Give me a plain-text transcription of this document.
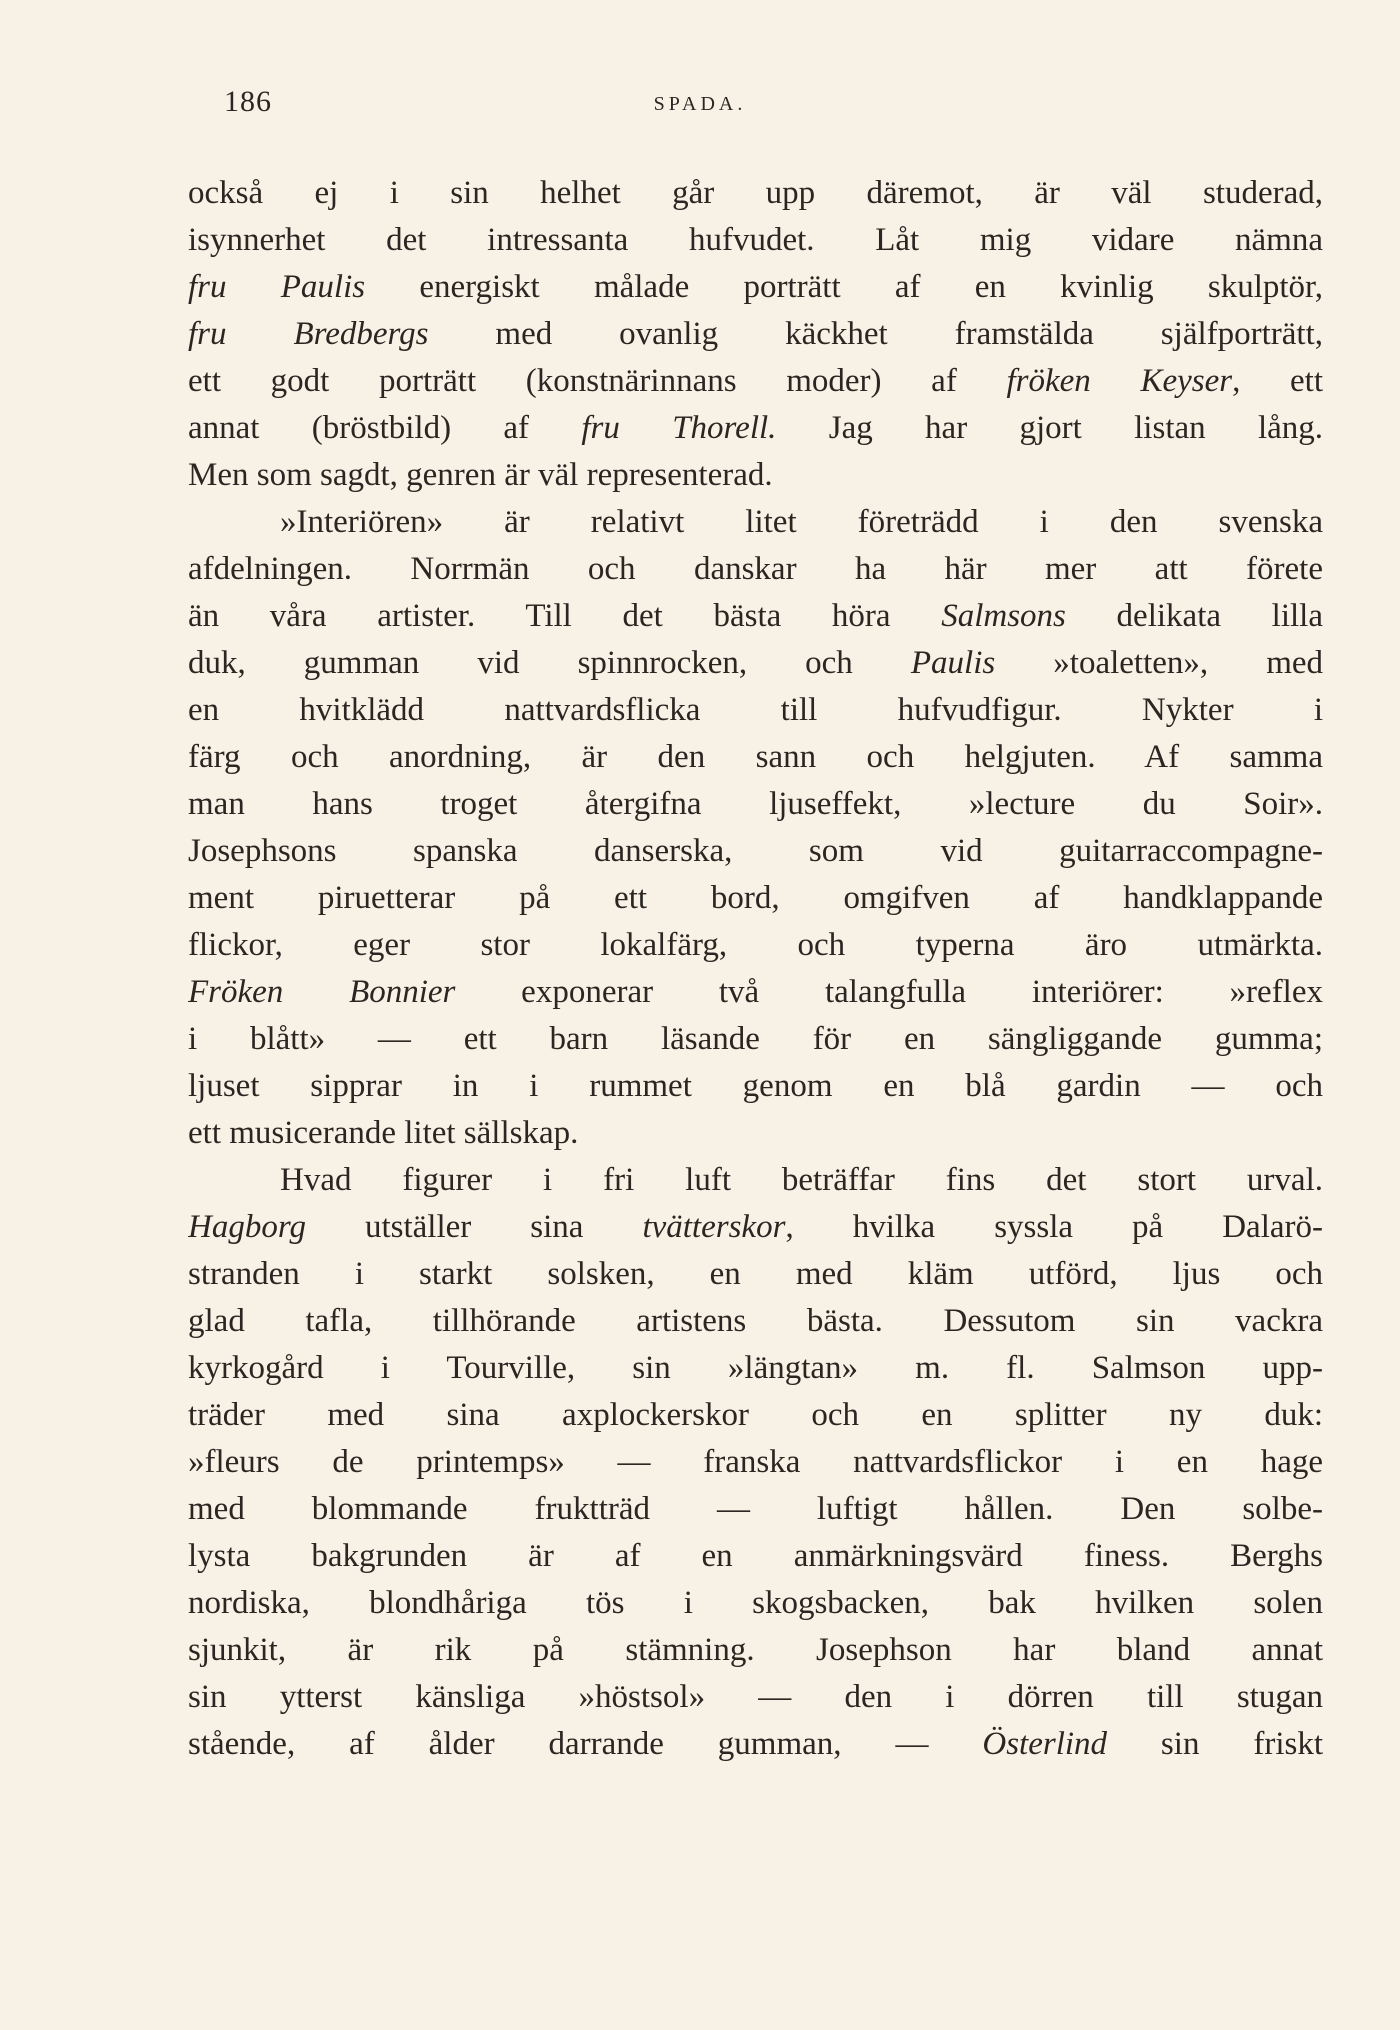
186	SPADA.
också ej i sin helhet går upp däremot, är väl studerad,
isynnerhet det intressanta hufvudet. Låt mig vidare nämna
fru Paulis energiskt målade porträtt af en kvinlig skulptör,
fru Bredbergs med ovanlig käckhet framstälda själfporträtt,
ett godt porträtt (konstnärinnans moder) af fröken Keyser, ett
annat (bröstbild) af fru Thorell. Jag har gjort listan lång.
Men som sagdt, genren är väl representerad.
»Interiören» är relativt litet företrädd i den svenska
afdelningen. Norrmän och danskar ha här mer att förete
än våra artister. Till det bästa höra Salmsons delikata lilla
duk, gumman vid spinnrocken, och Paulis »toaletten», med
en hvitklädd nattvardsflicka till hufvudfigur. Nykter i
färg och anordning, är den sann och helgjuten. Af samma
man hans troget återgifna ljuseffekt, »lecture du Soir».
Josephsons spanska danserska, som vid guitarraccompagne-
ment piruetterar på ett bord, omgifven af handklappande
flickor, eger stor lokalfärg, och typerna äro utmärkta.
Fröken Bonnier exponerar två talangfulla interiörer: »reflex
i blått» — ett barn läsande för en sängliggande gumma;
ljuset sipprar in i rummet genom en blå gardin — och
ett musicerande litet sällskap.
Hvad figurer i fri luft beträffar fins det stort urval.
Hagborg utställer sina tvätterskor, hvilka syssla på Dalarö-
stranden i starkt solsken, en med kläm utförd, ljus och
glad tafla, tillhörande artistens bästa. Dessutom sin vackra
kyrkogård i Tourville, sin »längtan» m. fl. Salmson upp-
träder med sina axplockerskor och en splitter ny duk:
»fleurs de printemps» — franska nattvardsflickor i en hage
med blommande fruktträd — luftigt hållen. Den solbe-
lysta bakgrunden är af en anmärkningsvärd finess. Berghs
nordiska, blondhåriga tös i skogsbacken, bak hvilken solen
sjunkit, är rik på stämning. Josephson har bland annat
sin ytterst känsliga »höstsol» — den i dörren till stugan
stående, af ålder darrande gumman, — Österlind sin friskt
